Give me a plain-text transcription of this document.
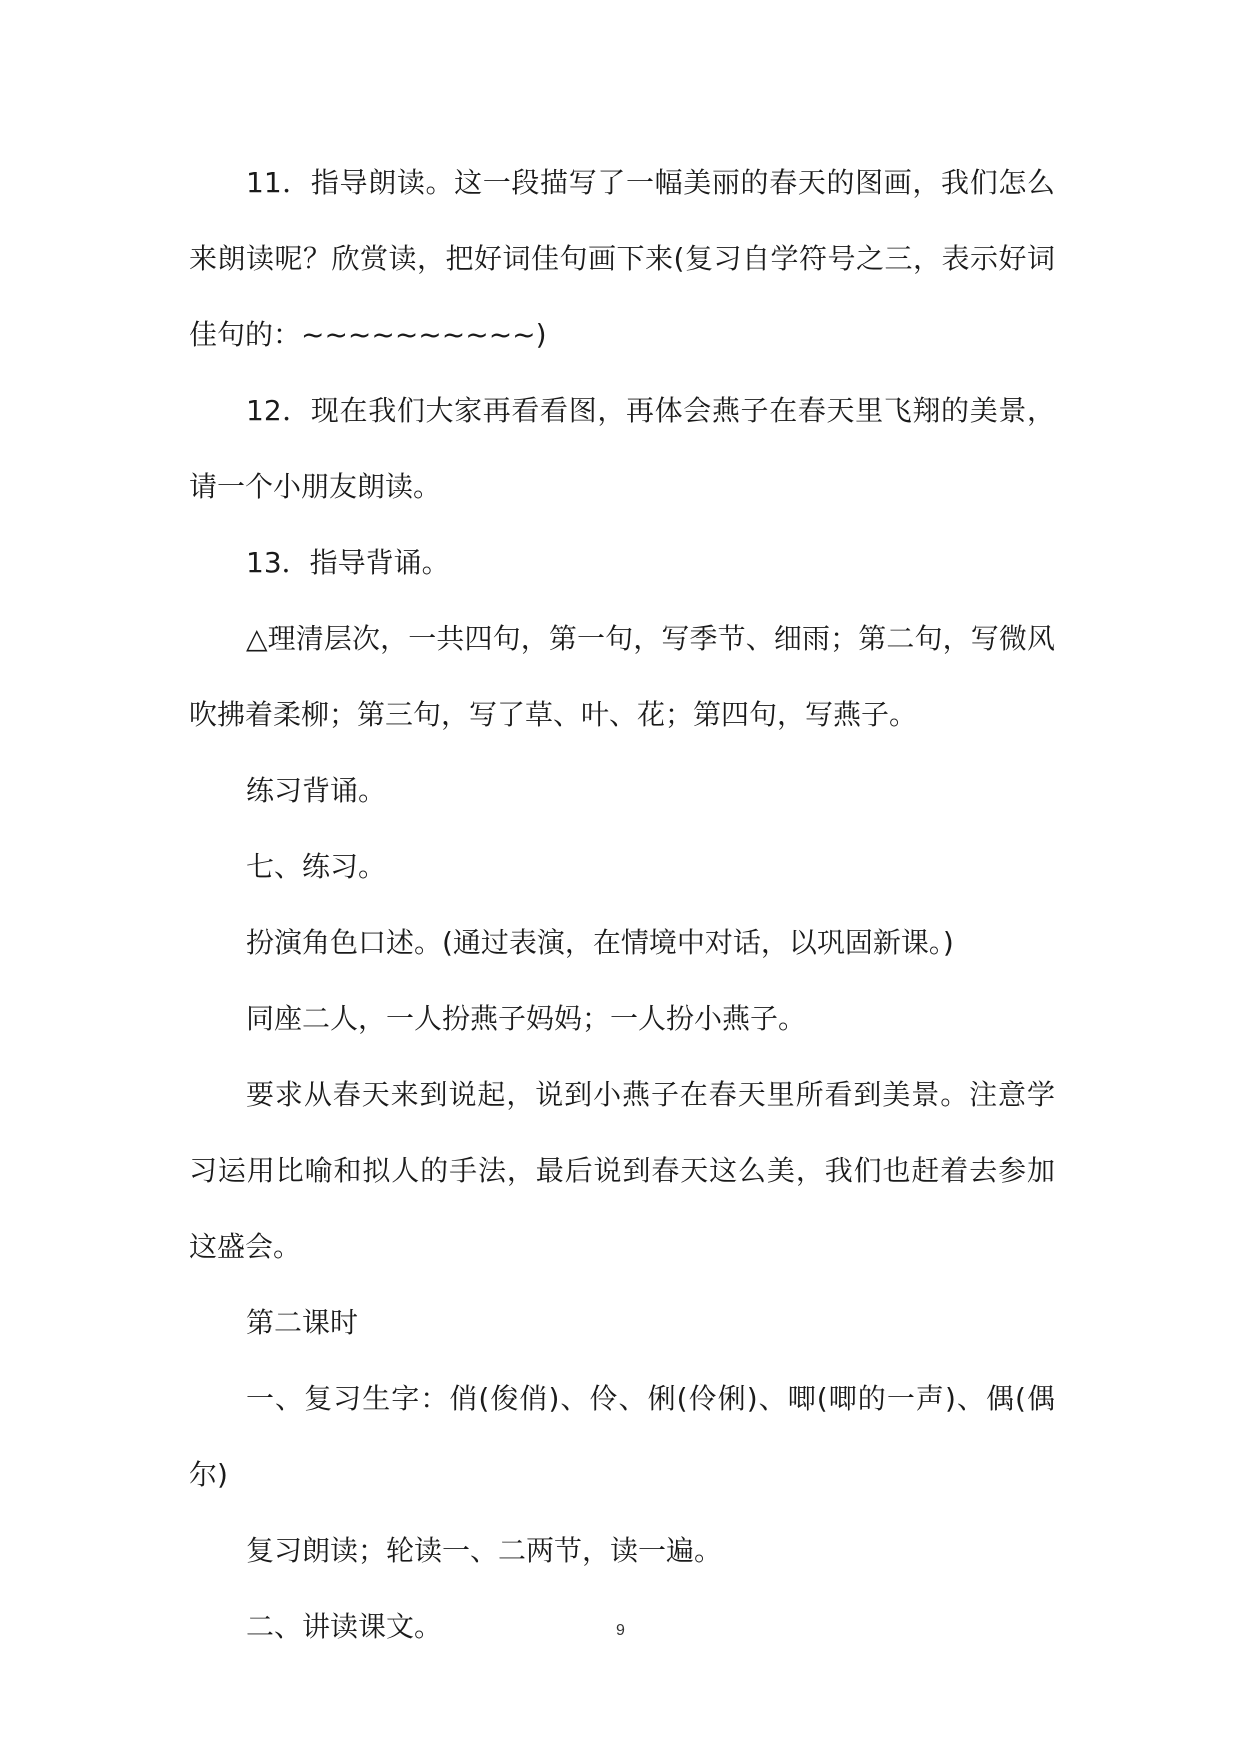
11．指导朗读。这一段描写了一幅美丽的春天的图画，我们怎么来朗读呢？欣赏读，把好词佳句画下来(复习自学符号之三，表示好词佳句的：~~~~~~~~~~)

12．现在我们大家再看看图，再体会燕子在春天里飞翔的美景，请一个小朋友朗读。

13．指导背诵。

△理清层次，一共四句，第一句，写季节、细雨；第二句，写微风吹拂着柔柳；第三句，写了草、叶、花；第四句，写燕子。

练习背诵。

七、练习。

扮演角色口述。(通过表演，在情境中对话，以巩固新课。)

同座二人，一人扮燕子妈妈；一人扮小燕子。

要求从春天来到说起，说到小燕子在春天里所看到美景。注意学习运用比喻和拟人的手法，最后说到春天这么美，我们也赶着去参加这盛会。

第二课时

一、复习生字：俏(俊俏)、伶、俐(伶俐)、唧(唧的一声)、偶(偶尔)

复习朗读；轮读一、二两节，读一遍。

二、讲读课文。	9
